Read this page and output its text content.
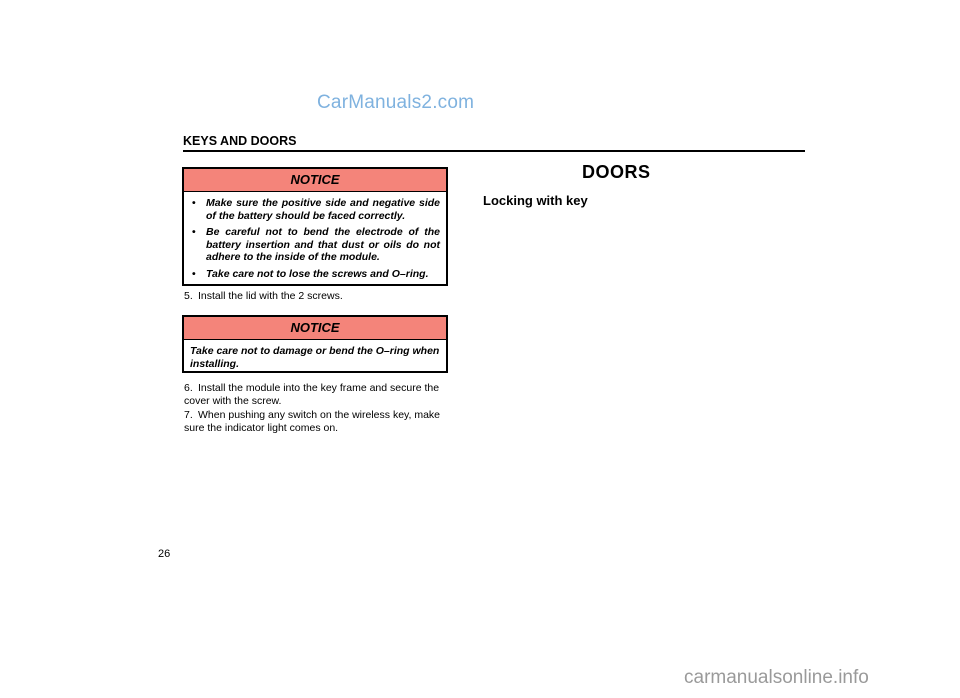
CarManuals2.com
KEYS AND DOORS
NOTICE
• Make sure the positive side and negative side of the battery should be faced correctly.
• Be careful not to bend the electrode of the battery insertion and that dust or oils do not adhere to the inside of the module.
• Take care not to lose the screws and O–ring.
5. Install the lid with the 2 screws.
NOTICE
Take care not to damage or bend the O–ring when installing.
6. Install the module into the key frame and secure the cover with the screw.
7. When pushing any switch on the wireless key, make sure the indicator light comes on.
26
DOORS
Locking with key
carmanualsonline.info
